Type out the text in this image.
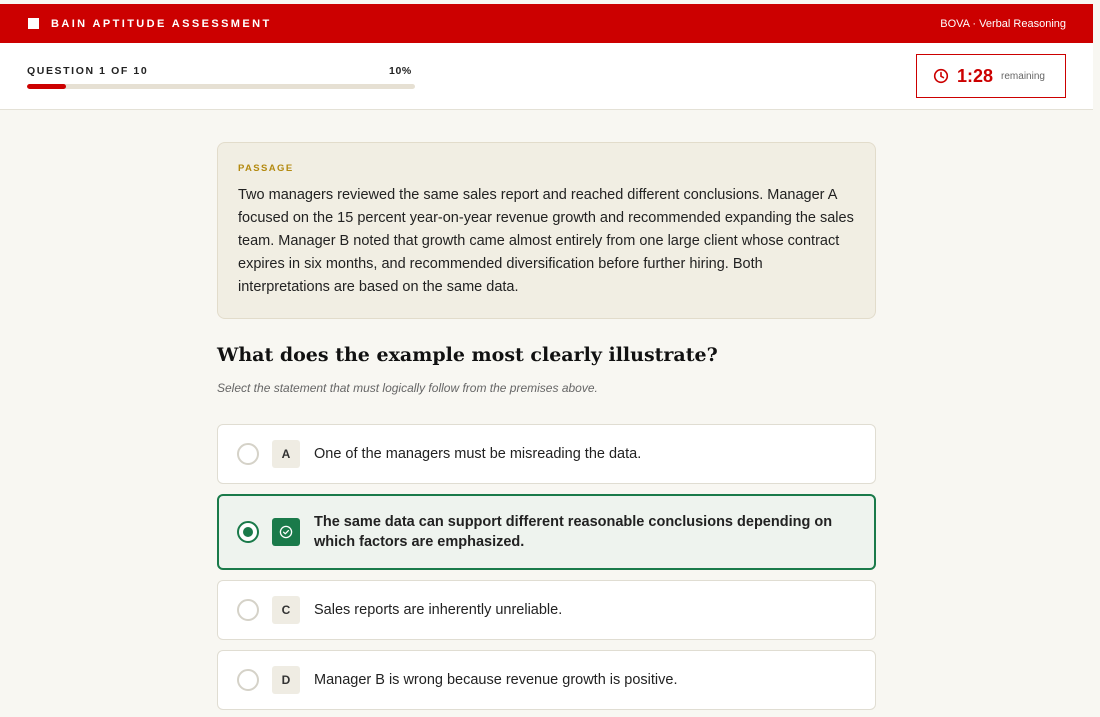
BAIN APTITUDE ASSESSMENT	BOVA · Verbal Reasoning
QUESTION 1 OF 10	10%	1:28 remaining
PASSAGE

Two managers reviewed the same sales report and reached different conclusions. Manager A focused on the 15 percent year-on-year revenue growth and recommended expanding the sales team. Manager B noted that growth came almost entirely from one large client whose contract expires in six months, and recommended diversification before further hiring. Both interpretations are based on the same data.

What does the example most clearly illustrate?

Select the statement that must logically follow from the premises above.

A	One of the managers must be misreading the data.
The same data can support different reasonable conclusions depending on which factors are emphasized.
C	Sales reports are inherently unreliable.
D	Manager B is wrong because revenue growth is positive.
